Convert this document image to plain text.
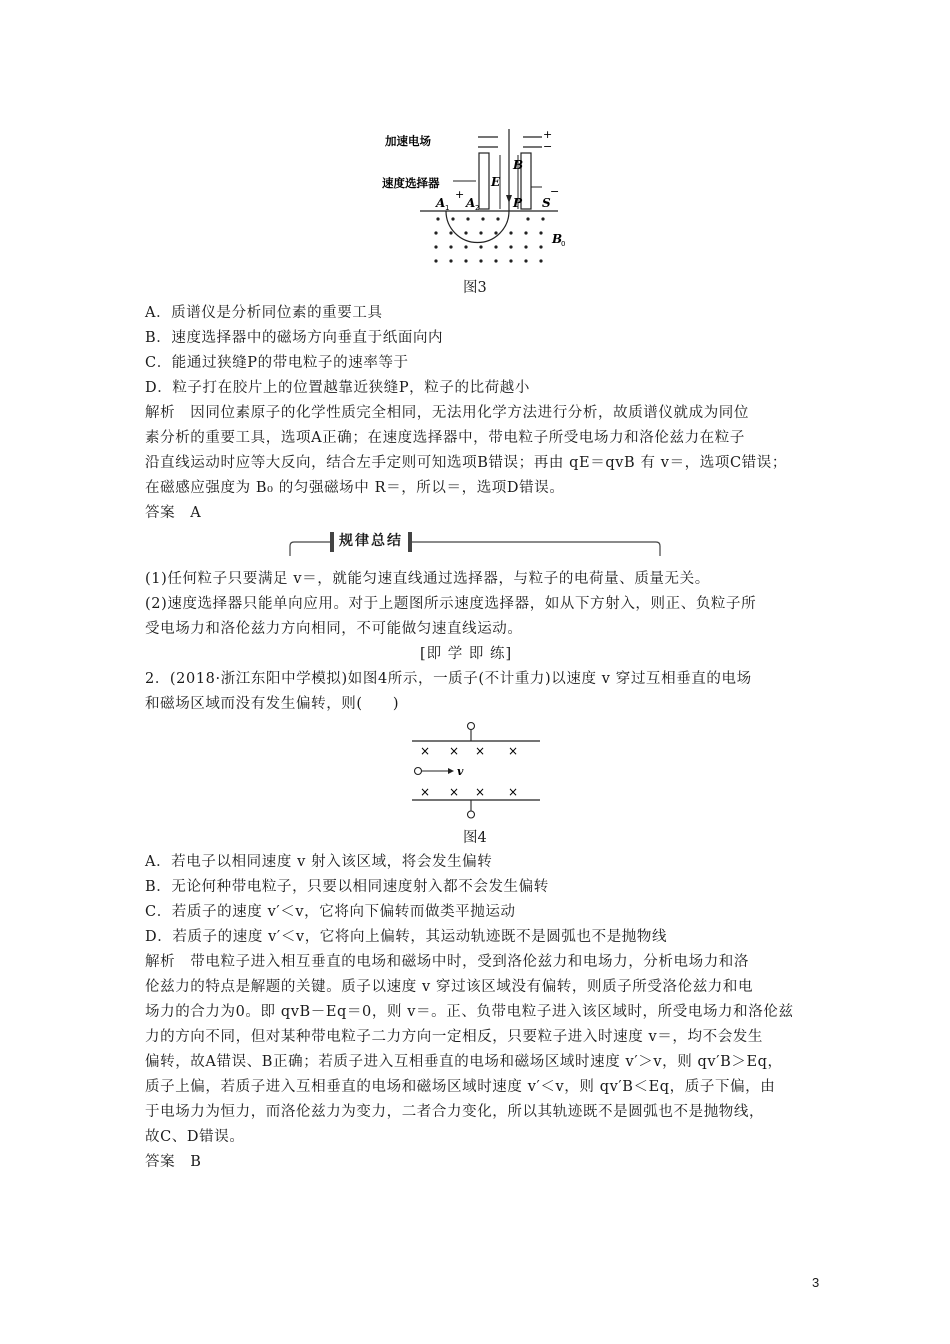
加速电场
速度选择器	E
B
P S
A 1 A 2
B
0
+
−
+	−
图3
A．质谱仪是分析同位素的重要工具
B．速度选择器中的磁场方向垂直于纸面向内
C．能通过狭缝P的带电粒子的速率等于
D．粒子打在胶片上的位置越靠近狭缝P，粒子的比荷越小
解析　因同位素原子的化学性质完全相同，无法用化学方法进行分析，故质谱仪就成为同位
素分析的重要工具，选项A正确；在速度选择器中，带电粒子所受电场力和洛伦兹力在粒子
沿直线运动时应等大反向，结合左手定则可知选项B错误；再由 qE＝qvB 有 v＝，选项C错误；
在磁感应强度为 B₀ 的匀强磁场中 R＝，所以＝，选项D错误。
答案　A
规律总结
(1)任何粒子只要满足 v＝，就能匀速直线通过选择器，与粒子的电荷量、质量无关。
(2)速度选择器只能单向应用。对于上题图所示速度选择器，如从下方射入，则正、负粒子所
受电场力和洛伦兹力方向相同，不可能做匀速直线运动。
[即 学 即 练]
2．(2018·浙江东阳中学模拟)如图4所示，一质子(不计重力)以速度 v 穿过互相垂直的电场
和磁场区域而没有发生偏转，则(　　)
× × × ×
v
× × × ×
图4
A．若电子以相同速度 v 射入该区域，将会发生偏转
B．无论何种带电粒子，只要以相同速度射入都不会发生偏转
C．若质子的速度 v′＜v，它将向下偏转而做类平抛运动
D．若质子的速度 v′＜v，它将向上偏转，其运动轨迹既不是圆弧也不是抛物线
解析　带电粒子进入相互垂直的电场和磁场中时，受到洛伦兹力和电场力，分析电场力和洛
伦兹力的特点是解题的关键。质子以速度 v 穿过该区域没有偏转，则质子所受洛伦兹力和电
场力的合力为0。即 qvB－Eq＝0，则 v＝。正、负带电粒子进入该区域时，所受电场力和洛伦兹
力的方向不同，但对某种带电粒子二力方向一定相反，只要粒子进入时速度 v＝，均不会发生
偏转，故A错误、B正确；若质子进入互相垂直的电场和磁场区域时速度 v′＞v，则 qv′B＞Eq，
质子上偏，若质子进入互相垂直的电场和磁场区域时速度 v′＜v，则 qv′B＜Eq，质子下偏，由
于电场力为恒力，而洛伦兹力为变力，二者合力变化，所以其轨迹既不是圆弧也不是抛物线，
故C、D错误。
答案　B
3
